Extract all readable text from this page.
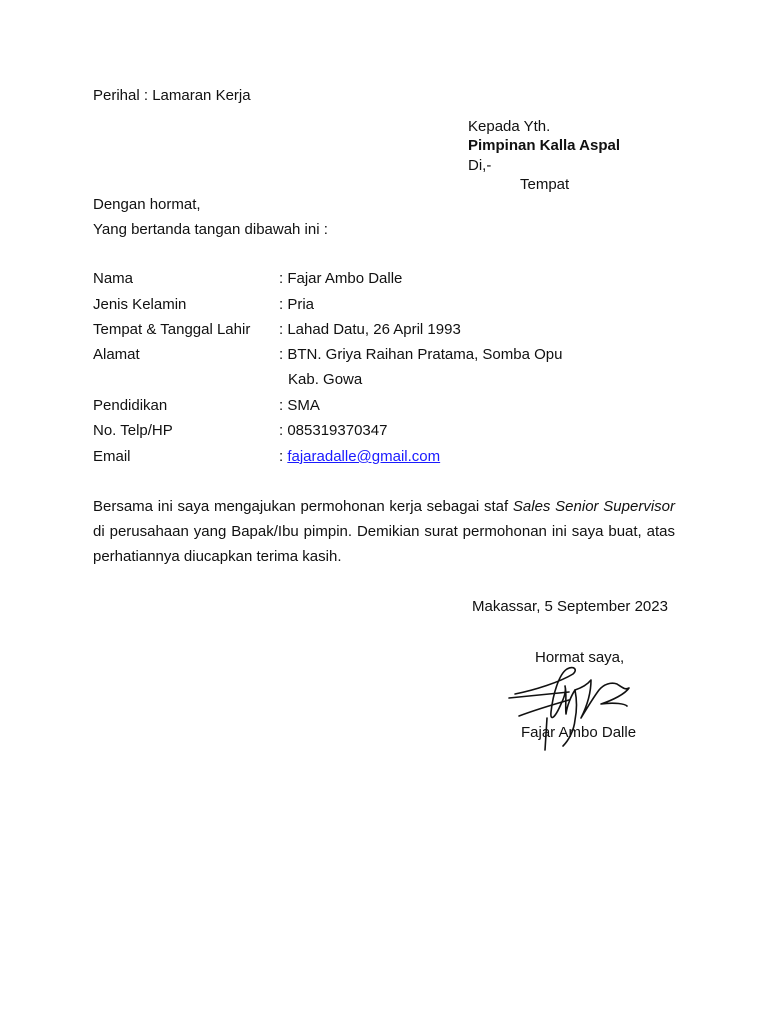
Perihal : Lamaran Kerja
Kepada Yth.
Pimpinan Kalla Aspal
Di,-
Tempat
Dengan hormat,
Yang bertanda tangan dibawah ini :
Nama	: Fajar Ambo Dalle
Jenis Kelamin	: Pria
Tempat & Tanggal Lahir : Lahad Datu, 26 April 1993
Alamat	: BTN. Griya Raihan Pratama, Somba Opu
Kab. Gowa
Pendidikan	: SMA
No. Telp/HP	: 085319370347
Email	: fajaradalle@gmail.com
Bersama ini saya mengajukan permohonan kerja sebagai staf Sales Senior Supervisor di perusahaan yang Bapak/Ibu pimpin. Demikian surat permohonan ini saya buat, atas perhatiannya diucapkan terima kasih.
Makassar, 5 September 2023
Hormat saya,
Fajar Ambo Dalle
